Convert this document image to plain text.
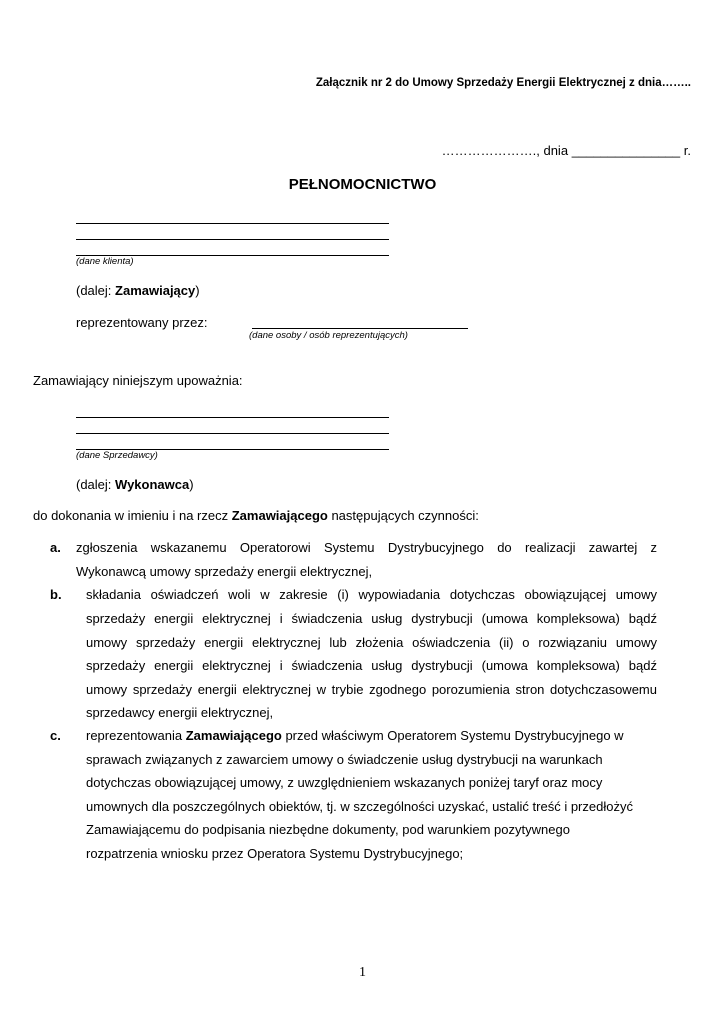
Załącznik nr 2 do Umowy Sprzedaży Energii Elektrycznej z dnia……..
…………………., dnia _______________ r.
PEŁNOMOCNICTWO
(dane klienta)
(dalej: Zamawiający)
reprezentowany przez:
(dane osoby / osób reprezentujących)
Zamawiający niniejszym upoważnia:
(dane Sprzedawcy)
(dalej: Wykonawca)
do dokonania w imieniu i na rzecz Zamawiającego następujących czynności:
a. zgłoszenia wskazanemu Operatorowi Systemu Dystrybucyjnego do realizacji zawartej z
Wykonawcą umowy sprzedaży energii elektrycznej,
b. składania oświadczeń woli w zakresie (i) wypowiadania dotychczas obowiązującej umowy
sprzedaży energii elektrycznej i świadczenia usług dystrybucji (umowa kompleksowa) bądź
umowy sprzedaży energii elektrycznej lub złożenia oświadczenia (ii) o rozwiązaniu umowy
sprzedaży energii elektrycznej i świadczenia usług dystrybucji (umowa kompleksowa) bądź
umowy sprzedaży energii elektrycznej w trybie zgodnego porozumienia stron dotychczasowemu
sprzedawcy energii elektrycznej,
c. reprezentowania Zamawiającego przed właściwym Operatorem Systemu Dystrybucyjnego w
sprawach związanych z zawarciem umowy o świadczenie usług dystrybucji na warunkach
dotychczas obowiązującej umowy, z uwzględnieniem wskazanych poniżej taryf oraz mocy
umownych dla poszczególnych obiektów, tj. w szczególności uzyskać, ustalić treść i przedłożyć
Zamawiającemu do podpisania niezbędne dokumenty, pod warunkiem pozytywnego
rozpatrzenia wniosku przez Operatora Systemu Dystrybucyjnego;
1
